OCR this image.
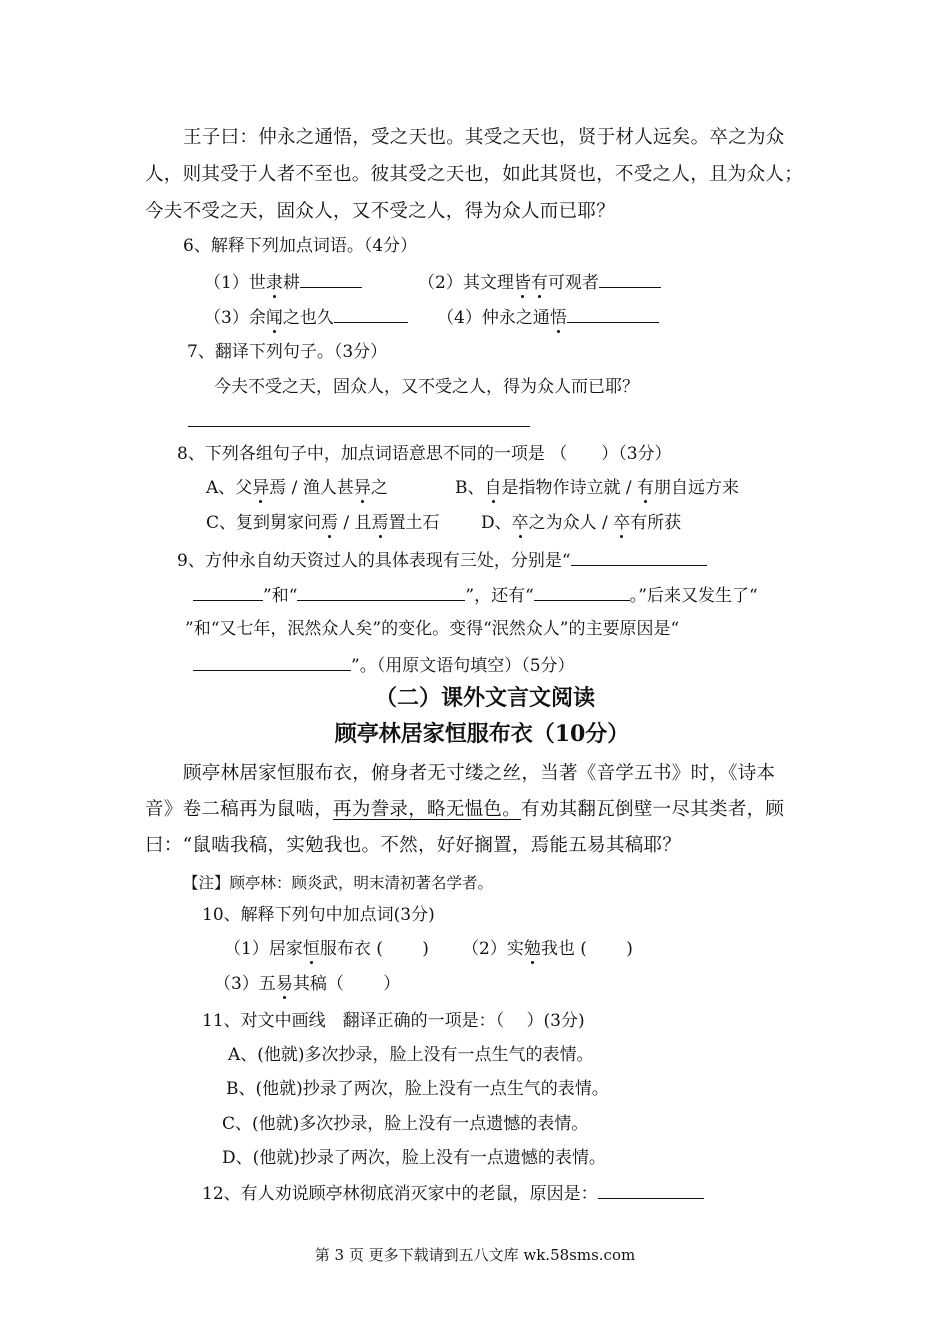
王子曰：仲永之通悟，受之天也。其受之天也，贤于材人远矣。卒之为众
人，则其受于人者不至也。彼其受之天也，如此其贤也，不受之人，且为众人；
今夫不受之天，固众人，又不受之人，得为众人而已耶？
6、解释下列加点词语。（4分）
（1）世隶耕	（2）其文理皆有可观者
（3）余闻之也久	（4）仲永之通悟
7、翻译下列句子。（3分）
今夫不受之天，固众人，又不受之人，得为众人而已耶？
8、下列各组句子中，加点词语意思不同的一项是 （　　）（3分）
A、父异焉 / 渔人甚异之	B、自是指物作诗立就 / 有朋自远方来
C、复到舅家问焉 / 且焉置土石 D、卒之为众人 / 卒有所获
9、方仲永自幼天资过人的具体表现有三处，分别是“
”和“	”，还有“	。”后来又发生了“
”和“又七年，泯然众人矣”的变化。变得“泯然众人”的主要原因是“
”。（用原文语句填空）（5分）
（二）课外文言文阅读
顾亭林居家恒服布衣（10分）
顾亭林居家恒服布衣，俯身者无寸缕之丝，当著《音学五书》时，《诗本
音》卷二稿再为鼠啮，再为誊录，略无愠色。有劝其翻瓦倒壁一尽其类者，顾
曰：“鼠啮我稿，实勉我也。不然，好好搁置，焉能五易其稿耶？
【注】顾亭林：顾炎武，明末清初著名学者。
10、解释下列句中加点词(3分)
（1）居家恒服布衣 (　　 ) （2）实勉我也 (　　 )
（3）五易其稿（　　 ）
11、对文中画线　翻译正确的一项是：（　 ）(3分)
A、(他就)多次抄录，脸上没有一点生气的表情。
B、(他就)抄录了两次，脸上没有一点生气的表情。
C、(他就)多次抄录，脸上没有一点遗憾的表情。
D、(他就)抄录了两次，脸上没有一点遗憾的表情。
12、有人劝说顾亭林彻底消灭家中的老鼠，原因是：
第 3 页 更多下载请到五八文库 wk.58sms.com
